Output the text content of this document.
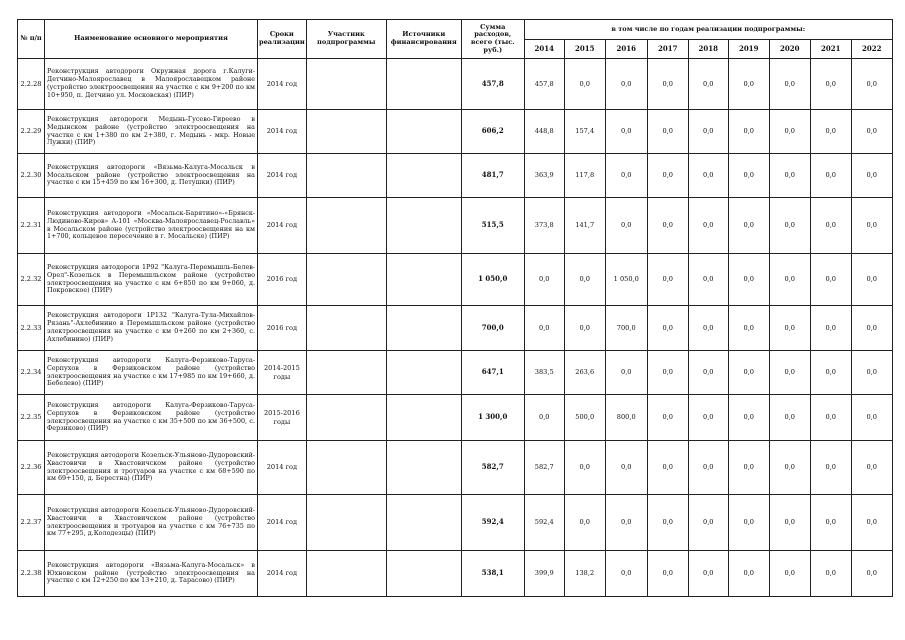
№ п/п	Наименование основного мероприятия	Сроки реализации	Участник подпрограммы	Источники финансирования	Сумма расходов, всего (тыс. руб.)	в том числе по годам реализации подпрограммы:								
						2014	2015	2016	2017	2018	2019	2020	2021	2022
2.2.28	Реконструкция автодороги Окружная дорога г.Калуги-Детчино-Малоярославец в Малоярославецком районе (устройство электроосвещения на участке с км 9+200 по км 10+950, п. Детчино ул. Московская) (ПИР)	2014 год			457,8	457,8	0,0	0,0	0,0	0,0	0,0	0,0	0,0	0,0
2.2.29	Реконструкция автодороги Медынь-Гусево-Гиреево в Медынском районе (устройство электроосвещения на участке с км 1+380 по км 2+380, г. Медынь - мкр. Новые Лужки) (ПИР)	2014 год			606,2	448,8	157,4	0,0	0,0	0,0	0,0	0,0	0,0	0,0
2.2.30	Реконструкция автодороги «Вязьма-Калуга-Мосальск в Мосальском районе (устройство электроосвещения на участке с км 15+459 по км 16+300, д. Петушки) (ПИР)	2014 год			481,7	363,9	117,8	0,0	0,0	0,0	0,0	0,0	0,0	0,0
2.2.31	Реконструкция автодороги «Мосальск-Барятино»-«Брянск-Людиново-Киров» А-101 «Москва-Малоярославец-Рославль» в Мосальском районе (устройство электроосвещения на км 1+700, кольцевое пересечение в г. Мосальске) (ПИР)	2014 год			515,5	373,8	141,7	0,0	0,0	0,0	0,0	0,0	0,0	0,0
2.2.32	Реконструкция автодороги 1Р92 "Калуга-Перемышль-Белев-Орел"-Козельск в Перемышльском районе (устройство электроосвещения на участке с км 6+850 по км 9+060, д. Покровское) (ПИР)	2016 год			1 050,0	0,0	0,0	1 050,0	0,0	0,0	0,0	0,0	0,0	0,0
2.2.33	Реконструкция автодороги 1Р132 "Калуга-Тула-Михайлов-Рязань"-Ахлебинино в Перемышльском районе (устройство электроосвещения на участке с км 0+260 по км 2+360, с. Ахлебинино) (ПИР)	2016 год			700,0	0,0	0,0	700,0	0,0	0,0	0,0	0,0	0,0	0,0
2.2.34	Реконструкция автодороги Калуга-Ферзиково-Таруса-Серпухов в Ферзиковском районе (устройство электроосвещения на участке с км 17+985 по км 19+660, д. Бебелево) (ПИР)	2014-2015 годы			647,1	383,5	263,6	0,0	0,0	0,0	0,0	0,0	0,0	0,0
2.2.35	Реконструкция автодороги Калуга-Ферзиково-Таруса-Серпухов в Ферзиковском районе (устройство электроосвещения на участке с км 35+500 по км 36+500, с. Ферзиково) (ПИР)	2015-2016 годы			1 300,0	0,0	500,0	800,0	0,0	0,0	0,0	0,0	0,0	0,0
2.2.36	Реконструкция автодороги Козельск-Ульяново-Дудоровский-Хвастовичи в Хвастовичском районе (устройство электроосвещения и тротуаров на участке с км 68+590 по км 69+150, д. Берестна) (ПИР)	2014 год			582,7	582,7	0,0	0,0	0,0	0,0	0,0	0,0	0,0	0,0
2.2.37	Реконструкция автодороги Козельск-Ульяново-Дудоровский-Хвастовичи в Хвастовичском районе (устройство электроосвещения и тротуаров на участке с км 76+735 по км 77+295, д.Колодезцы) (ПИР)	2014 год			592,4	592,4	0,0	0,0	0,0	0,0	0,0	0,0	0,0	0,0
2.2.38	Реконструкция автодороги «Вязьма-Калуга-Мосальск» в Юхновском районе (устройство электроосвещения на участке с км 12+250 по км 13+210, д. Тарасово) (ПИР)	2014 год			538,1	399,9	138,2	0,0	0,0	0,0	0,0	0,0	0,0	0,0
